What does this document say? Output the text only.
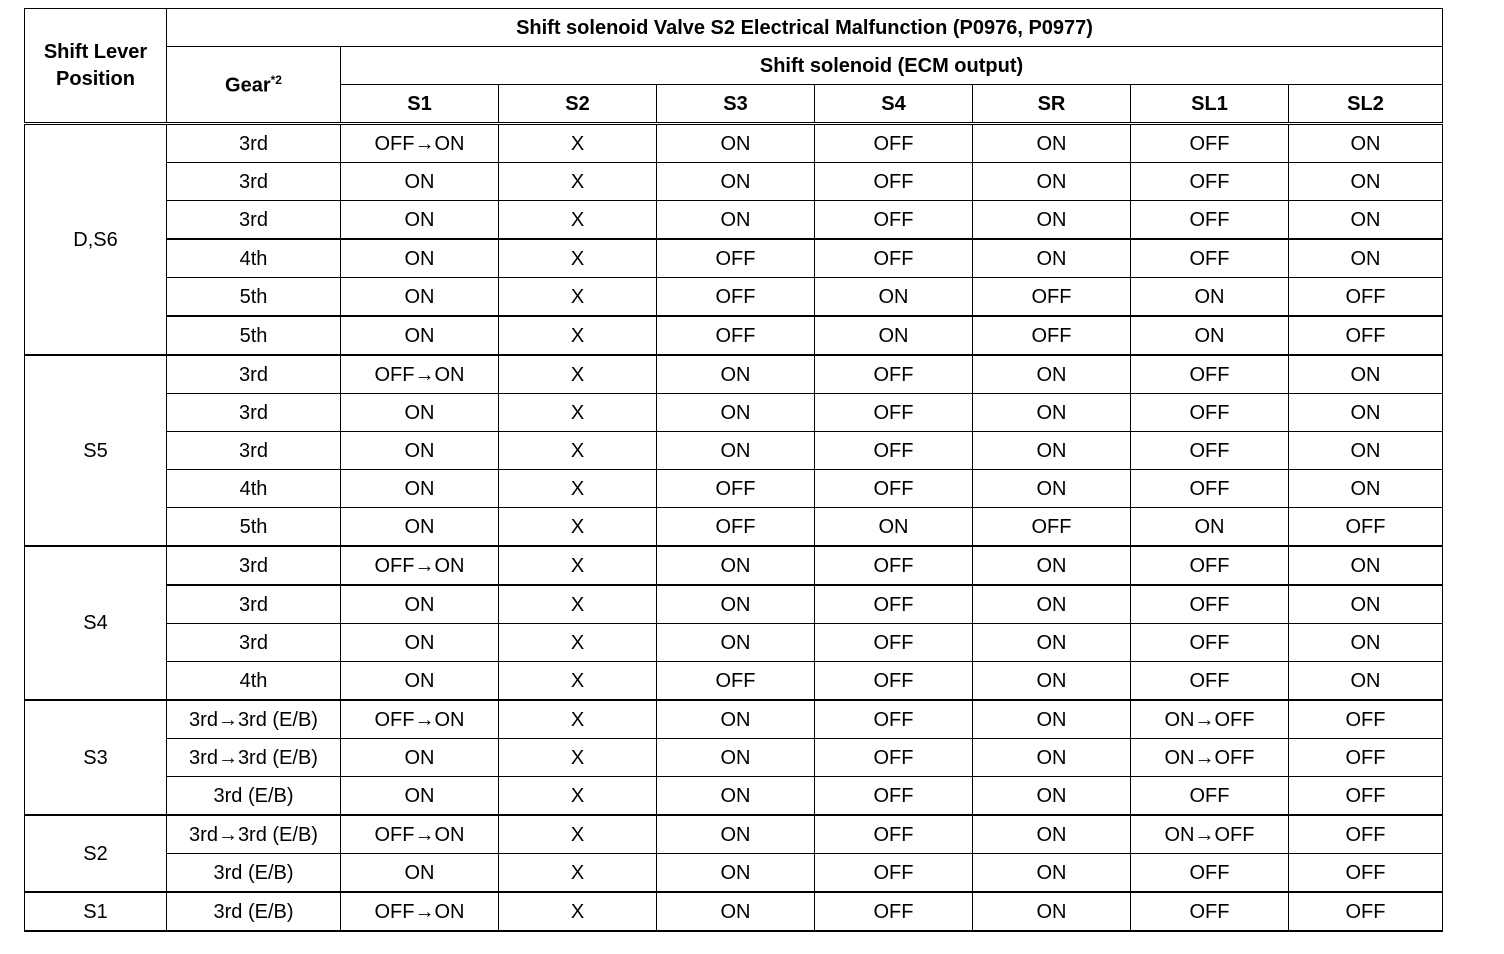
Shift Lever Position	Shift solenoid Valve S2 Electrical Malfunction (P0976, P0977)							
	Gear$^{*2}$	Shift solenoid (ECM output)						
		S1	S2	S3	S4	SR	SL1	SL2
D,S6	3rd	OFF→ON	X	ON	OFF	ON	OFF	ON
	3rd	ON	X	ON	OFF	ON	OFF	ON
	3rd	ON	X	ON	OFF	ON	OFF	ON
	4th	ON	X	OFF	OFF	ON	OFF	ON
	5th	ON	X	OFF	ON	OFF	ON	OFF
	5th	ON	X	OFF	ON	OFF	ON	OFF
S5	3rd	OFF→ON	X	ON	OFF	ON	OFF	ON
	3rd	ON	X	ON	OFF	ON	OFF	ON
	3rd	ON	X	ON	OFF	ON	OFF	ON
	4th	ON	X	OFF	OFF	ON	OFF	ON
	5th	ON	X	OFF	ON	OFF	ON	OFF
S4	3rd	OFF→ON	X	ON	OFF	ON	OFF	ON
	3rd	ON	X	ON	OFF	ON	OFF	ON
	3rd	ON	X	ON	OFF	ON	OFF	ON
	4th	ON	X	OFF	OFF	ON	OFF	ON
S3	3rd→3rd (E/B)	OFF→ON	X	ON	OFF	ON	ON→OFF	OFF
	3rd→3rd (E/B)	ON	X	ON	OFF	ON	ON→OFF	OFF
	3rd (E/B)	ON	X	ON	OFF	ON	OFF	OFF
S2	3rd→3rd (E/B)	OFF→ON	X	ON	OFF	ON	ON→OFF	OFF
	3rd (E/B)	ON	X	ON	OFF	ON	OFF	OFF
S1	3rd (E/B)	OFF→ON	X	ON	OFF	ON	OFF	OFF
